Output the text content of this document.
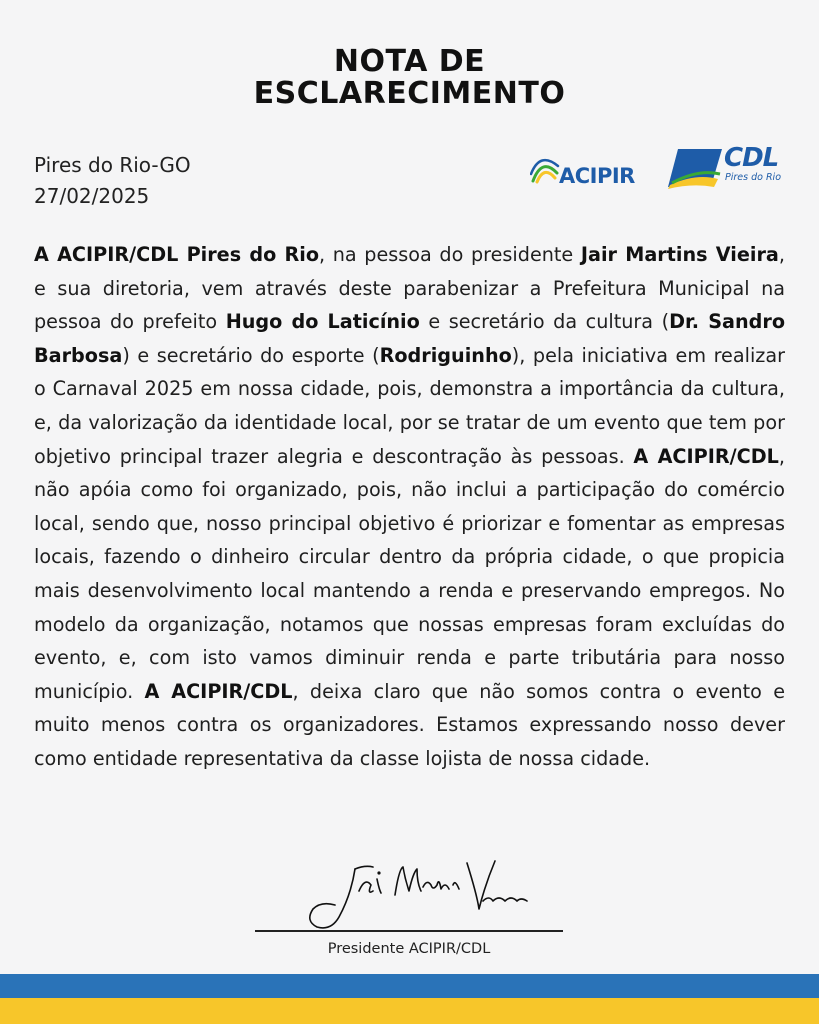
NOTA DE
ESCLARECIMENTO
Pires do Rio-GO
27/02/2025
ACIPIR
CDL
Pires do Rio

A ACIPIR/CDL Pires do Rio, na pessoa do presidente Jair Martins Vieira, e sua diretoria, vem através deste parabenizar a Prefeitura Municipal na pessoa do prefeito Hugo do Laticínio e secretário da cultura (Dr. Sandro Barbosa) e secretário do esporte (Rodriguinho), pela iniciativa em realizar o Carnaval 2025 em nossa cidade, pois, demonstra a importância da cultura, e, da valorização da identidade local, por se tratar de um evento que tem por objetivo principal trazer alegria e descontração às pessoas. A ACIPIR/CDL, não apóia como foi organizado, pois, não inclui a participação do comércio local, sendo que, nosso principal objetivo é priorizar e fomentar as empresas locais, fazendo o dinheiro circular dentro da própria cidade, o que propicia mais desenvolvimento local mantendo a renda e preservando empregos. No modelo da organização, notamos que nossas empresas foram excluídas do evento, e, com isto vamos diminuir renda e parte tributária para nosso município. A ACIPIR/CDL, deixa claro que não somos contra o evento e muito menos contra os organizadores. Estamos expressando nosso dever como entidade representativa da classe lojista de nossa cidade.

Presidente ACIPIR/CDL
